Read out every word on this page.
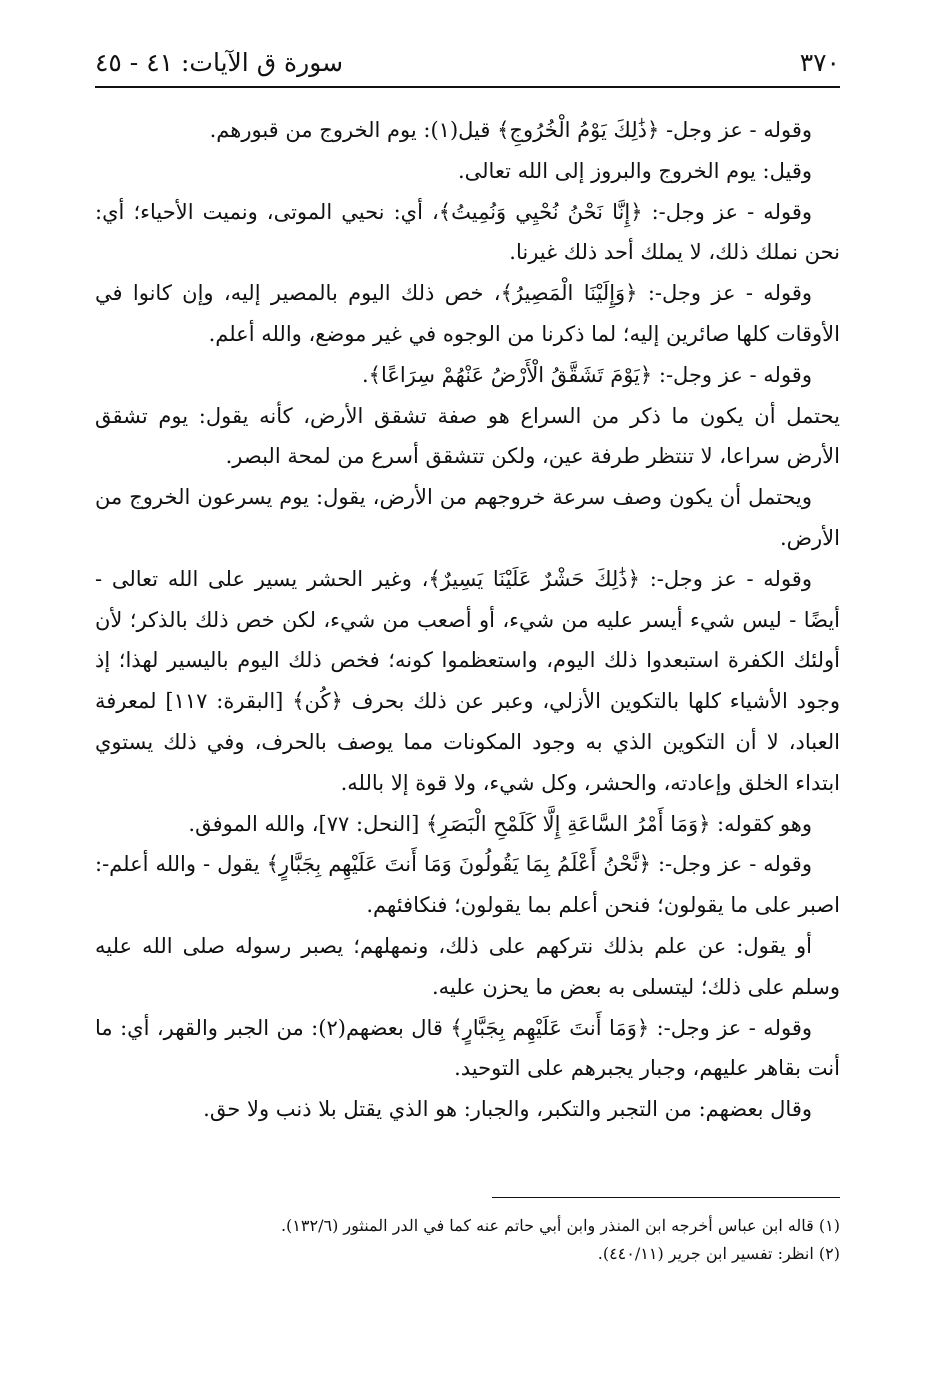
٣٧٠
سورة ق الآيات: ٤١ - ٤٥

وقوله - عز وجل- ﴿ذَٰلِكَ يَوْمُ الْخُرُوجِ﴾ قيل(١): يوم الخروج من قبورهم.

وقيل: يوم الخروج والبروز إلى الله تعالى.

وقوله - عز وجل-: ﴿إِنَّا نَحْنُ نُحْيِي وَنُمِيتُ﴾، أي: نحيي الموتى، ونميت الأحياء؛ أي: نحن نملك ذلك، لا يملك أحد ذلك غيرنا.

وقوله - عز وجل-: ﴿وَإِلَيْنَا الْمَصِيرُ﴾، خص ذلك اليوم بالمصير إليه، وإن كانوا في الأوقات كلها صائرين إليه؛ لما ذكرنا من الوجوه في غير موضع، والله أعلم.

وقوله - عز وجل-: ﴿يَوْمَ تَشَقَّقُ الْأَرْضُ عَنْهُمْ سِرَاعًا﴾.

يحتمل أن يكون ما ذكر من السراع هو صفة تشقق الأرض، كأنه يقول: يوم تشقق الأرض سراعا، لا تنتظر طرفة عين، ولكن تتشقق أسرع من لمحة البصر.

ويحتمل أن يكون وصف سرعة خروجهم من الأرض، يقول: يوم يسرعون الخروج من الأرض.

وقوله - عز وجل-: ﴿ذَٰلِكَ حَشْرٌ عَلَيْنَا يَسِيرٌ﴾، وغير الحشر يسير على الله تعالى - أيضًا - ليس شيء أيسر عليه من شيء، أو أصعب من شيء، لكن خص ذلك بالذكر؛ لأن أولئك الكفرة استبعدوا ذلك اليوم، واستعظموا كونه؛ فخص ذلك اليوم باليسير لهذا؛ إذ وجود الأشياء كلها بالتكوين الأزلي، وعبر عن ذلك بحرف ﴿كُن﴾ [البقرة: ١١٧] لمعرفة العباد، لا أن التكوين الذي به وجود المكونات مما يوصف بالحرف، وفي ذلك يستوي ابتداء الخلق وإعادته، والحشر، وكل شيء، ولا قوة إلا بالله.

وهو كقوله: ﴿وَمَا أَمْرُ السَّاعَةِ إِلَّا كَلَمْحِ الْبَصَرِ﴾ [النحل: ٧٧]، والله الموفق.

وقوله - عز وجل-: ﴿نَّحْنُ أَعْلَمُ بِمَا يَقُولُونَ وَمَا أَنتَ عَلَيْهِم بِجَبَّارٍ﴾ يقول - والله أعلم-: اصبر على ما يقولون؛ فنحن أعلم بما يقولون؛ فنكافئهم.

أو يقول: عن علم بذلك نتركهم على ذلك، ونمهلهم؛ يصبر رسوله صلى الله عليه وسلم على ذلك؛ ليتسلى به بعض ما يحزن عليه.

وقوله - عز وجل-: ﴿وَمَا أَنتَ عَلَيْهِم بِجَبَّارٍ﴾ قال بعضهم(٢): من الجبر والقهر، أي: ما أنت بقاهر عليهم، وجبار يجبرهم على التوحيد.

وقال بعضهم: من التجبر والتكبر، والجبار: هو الذي يقتل بلا ذنب ولا حق.

(١) قاله ابن عباس أخرجه ابن المنذر وابن أبي حاتم عنه كما في الدر المنثور (١٣٢/٦).

(٢) انظر: تفسير ابن جرير (٤٤٠/١١).
